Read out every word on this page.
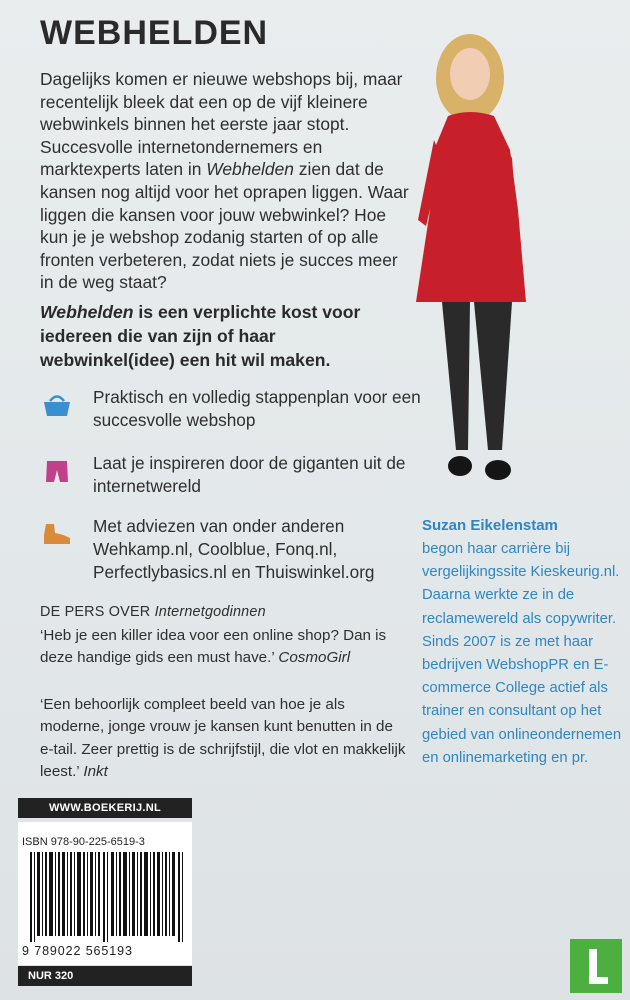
WEBHELDEN

Dagelijks komen er nieuwe webshops bij, maar recentelijk bleek dat een op de vijf kleinere webwinkels binnen het eerste jaar stopt. Succesvolle internetondernemers en marktexperts laten in Webhelden zien dat de kansen nog altijd voor het oprapen liggen. Waar liggen die kansen voor jouw webwinkel? Hoe kun je je webshop zodanig starten of op alle fronten verbeteren, zodat niets je succes meer in de weg staat?

Webhelden is een verplichte kost voor iedereen die van zijn of haar webwinkel(idee) een hit wil maken.

Praktisch en volledig stappenplan voor een succesvolle webshop
Laat je inspireren door de giganten uit de internetwereld
Met adviezen van onder anderen Wehkamp.nl, Coolblue, Fonq.nl, Perfectlybasics.nl en Thuiswinkel.org
DE PERS OVER Internetgodinnen

‘Heb je een killer idea voor een online shop? Dan is deze handige gids een must have.’ CosmoGirl

‘Een behoorlijk compleet beeld van hoe je als moderne, jonge vrouw je kansen kunt benutten in de e-tail. Zeer prettig is de schrijfstijl, die vlot en makkelijk leest.’ Inkt

Suzan Eikelenstam

begon haar carrière bij vergelijkingssite Kieskeurig.nl. Daarna werkte ze in de reclamewereld als copywriter. Sinds 2007 is ze met haar bedrijven WebshopPR en E-commerce College actief als trainer en consultant op het gebied van onlineondernemen en onlinemarketing en pr.

WWW.BOEKERIJ.NL
ISBN 978-90-225-6519-3
9 789022 565193
NUR 320
